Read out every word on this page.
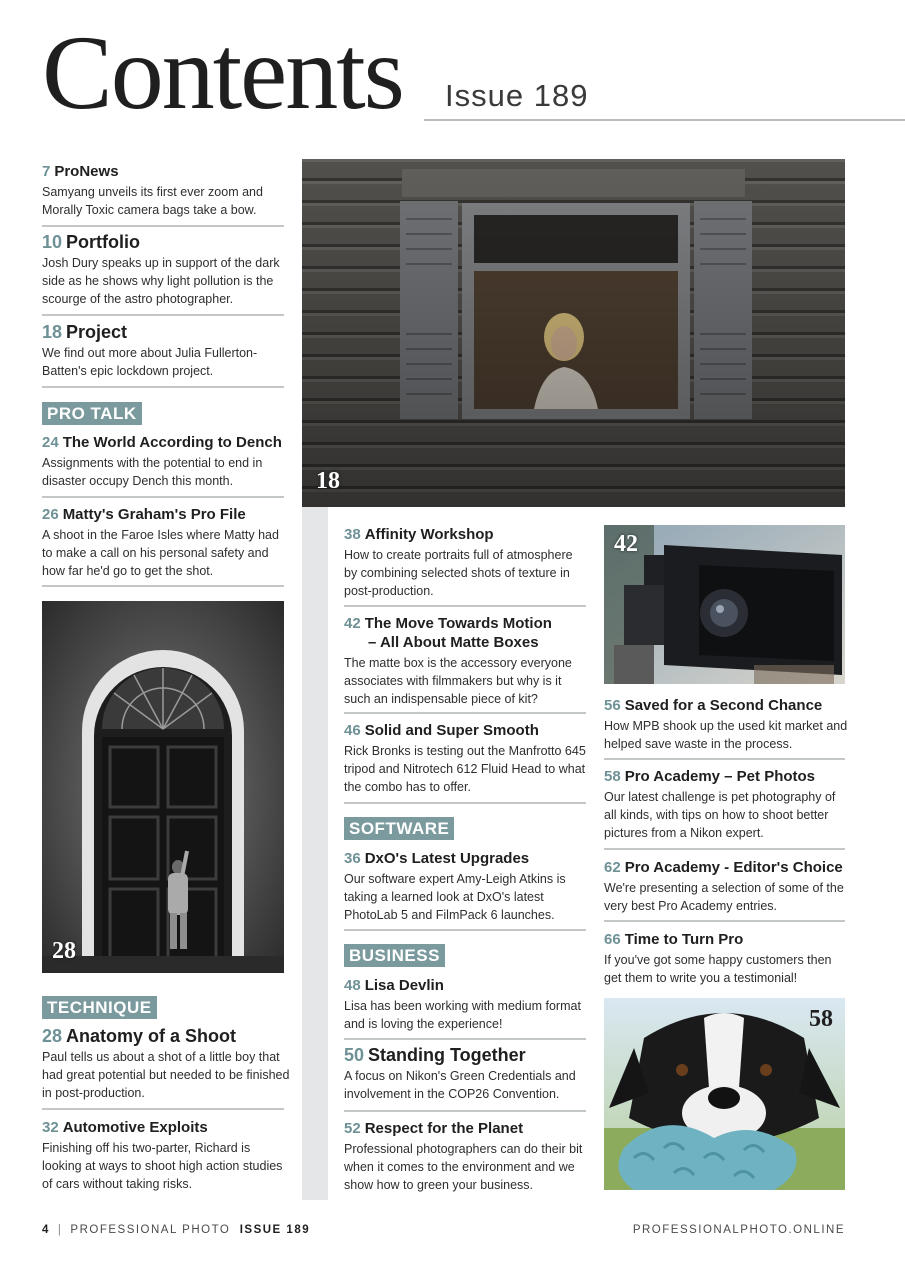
Contents Issue 189
7 ProNews
Samyang unveils its first ever zoom and Morally Toxic camera bags take a bow.
10 Portfolio
Josh Dury speaks up in support of the dark side as he shows why light pollution is the scourge of the astro photographer.
18 Project
We find out more about Julia Fullerton-Batten's epic lockdown project.
PRO TALK
24 The World According to Dench
Assignments with the potential to end in disaster occupy Dench this month.
26 Matty's Graham's Pro File
A shoot in the Faroe Isles where Matty had to make a call on his personal safety and how far he'd go to get the shot.
28
TECHNIQUE
28 Anatomy of a Shoot
Paul tells us about a shot of a little boy that had great potential but needed to be finished in post-production.
32 Automotive Exploits
Finishing off his two-parter, Richard is looking at ways to shoot high action studies of cars without taking risks.
18
38 Affinity Workshop
How to create portraits full of atmosphere by combining selected shots of texture in post-production.
42 The Move Towards Motion
– All About Matte Boxes
The matte box is the accessory everyone associates with filmmakers but why is it such an indispensable piece of kit?
46 Solid and Super Smooth
Rick Bronks is testing out the Manfrotto 645 tripod and Nitrotech 612 Fluid Head to what the combo has to offer.
SOFTWARE
36 DxO's Latest Upgrades
Our software expert Amy-Leigh Atkins is taking a learned look at DxO's latest PhotoLab 5 and FilmPack 6 launches.
BUSINESS
48 Lisa Devlin
Lisa has been working with medium format and is loving the experience!
50 Standing Together
A focus on Nikon's Green Credentials and involvement in the COP26 Convention.
52 Respect for the Planet
Professional photographers can do their bit when it comes to the environment and we show how to green your business.
42
56 Saved for a Second Chance
How MPB shook up the used kit market and helped save waste in the process.
58 Pro Academy – Pet Photos
Our latest challenge is pet photography of all kinds, with tips on how to shoot better pictures from a Nikon expert.
62 Pro Academy - Editor's Choice
We're presenting a selection of some of the very best Pro Academy entries.
66 Time to Turn Pro
If you've got some happy customers then get them to write you a testimonial!
58
4 | PROFESSIONAL PHOTO ISSUE 189	PROFESSIONALPHOTO.ONLINE
